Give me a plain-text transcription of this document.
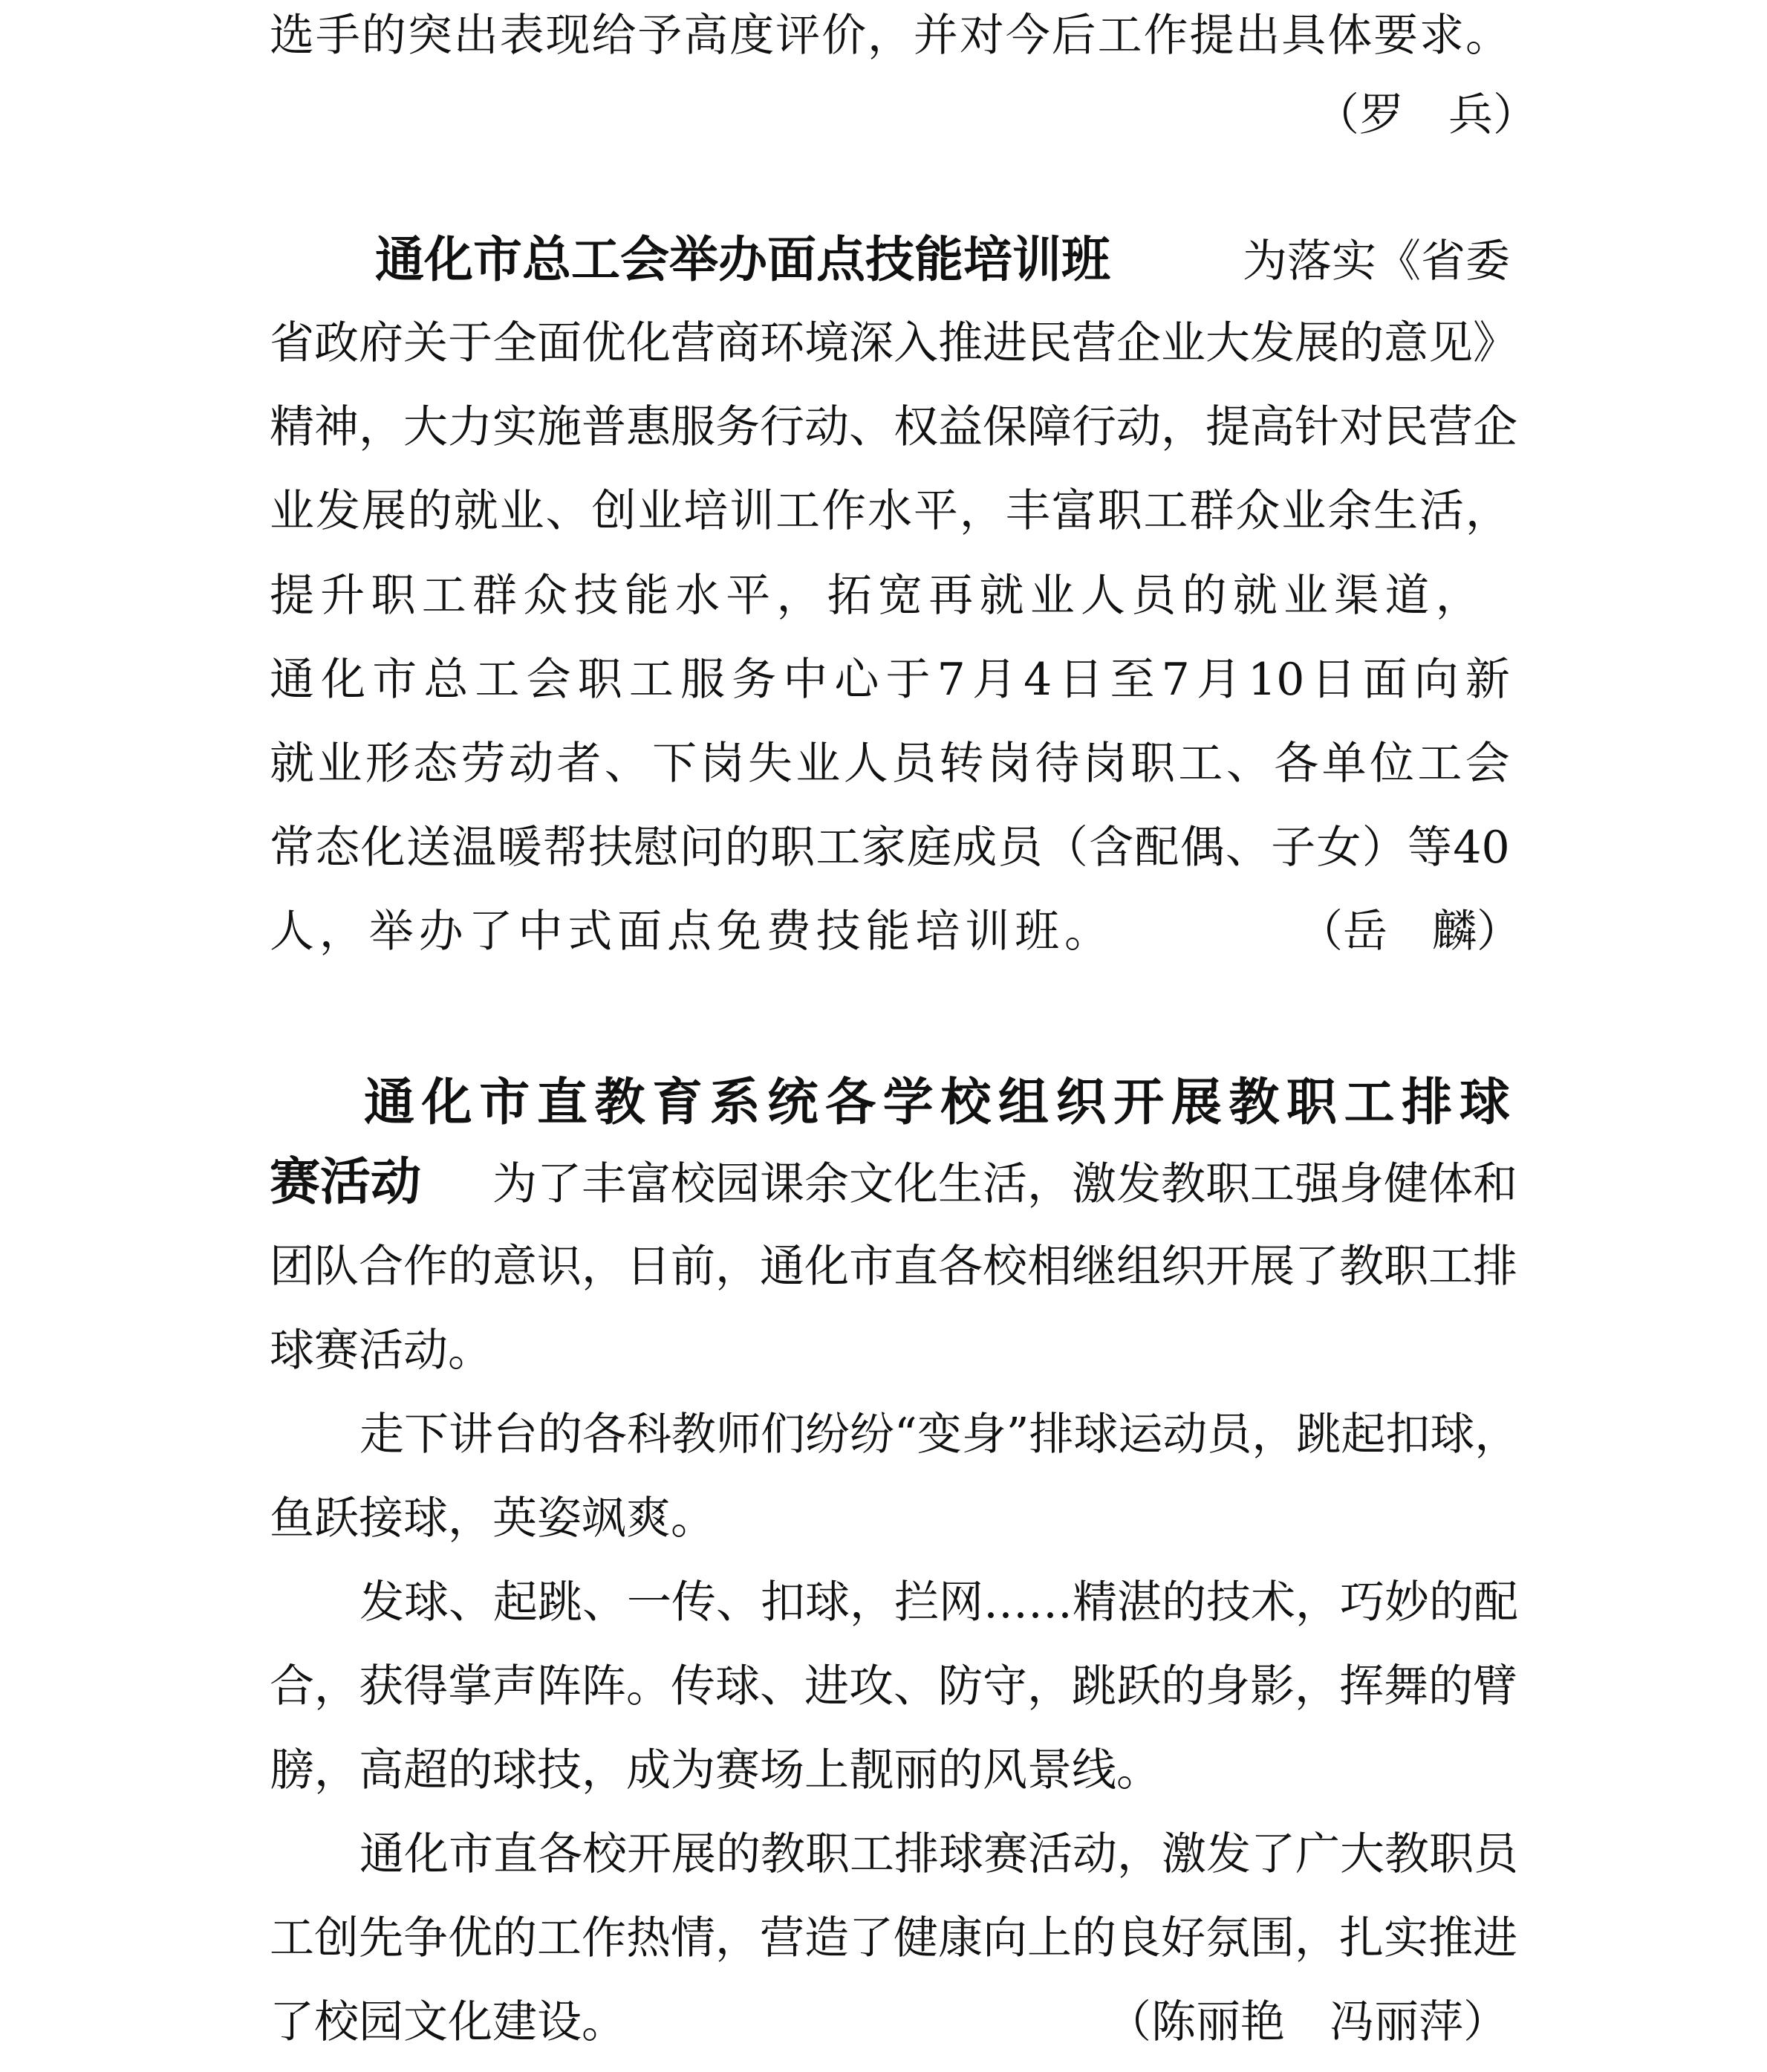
选 手 的 突 出 表 现 给 予 高 度 评 价 ， 并 对 今 后 工 作 提 出 具 体 要 求 。
（罗　兵）
通化市总工会举办面点技能培训班	为落实《省委
省 政 府 关 于 全 面 优 化 营 商 环 境 深 入 推 进 民 营 企 业 大 发 展 的 意 见 》
精 神 ， 大 力 实 施 普 惠 服 务 行 动 、 权 益 保 障 行 动 ， 提 高 针 对 民 营 企
业 发 展 的 就 业 、 创 业 培 训 工 作 水 平 ， 丰 富 职 工 群 众 业 余 生 活 ，
提 升 职 工 群 众 技 能 水 平 ， 拓 宽 再 就 业 人 员 的 就 业 渠 道 ，
通 化 市 总 工 会 职 工 服 务 中 心 于 7 月 4 日 至 7 月 10 日 面 向 新
就 业 形 态 劳 动 者 、 下 岗 失 业 人 员 转 岗 待 岗 职 工 、 各 单 位 工 会
常 态 化 送 温 暖 帮 扶 慰 问 的 职 工 家 庭 成 员 （ 含 配 偶 、 子 女 ） 等 40
人 ， 举 办 了 中 式 面 点 免 费 技 能 培 训 班 。	（岳　麟）
通 化 市 直 教 育 系 统 各 学 校 组 织 开 展 教 职 工 排 球
赛活动 为 了 丰 富 校 园 课 余 文 化 生 活 ， 激 发 教 职 工 强 身 健 体 和
团 队 合 作 的 意 识 ， 日 前 ， 通 化 市 直 各 校 相 继 组 织 开 展 了 教 职 工 排
球赛活动。
走 下 讲 台 的 各 科 教 师 们 纷 纷 “ 变 身 ” 排 球 运 动 员 ， 跳 起 扣 球 ，
鱼跃接球，英姿飒爽。
发 球 、 起 跳 、 一 传 、 扣 球 ， 拦 网 … … 精 湛 的 技 术 ， 巧 妙 的 配
合 ， 获 得 掌 声 阵 阵 。 传 球 、 进 攻 、 防 守 ， 跳 跃 的 身 影 ， 挥 舞 的 臂
膀，高超的球技，成为赛场上靓丽的风景线。
通 化 市 直 各 校 开 展 的 教 职 工 排 球 赛 活 动 ， 激 发 了 广 大 教 职 员
工 创 先 争 优 的 工 作 热 情 ， 营 造 了 健 康 向 上 的 良 好 氛 围 ， 扎 实 推 进
了校园文化建设。	（陈丽艳　冯丽萍）
